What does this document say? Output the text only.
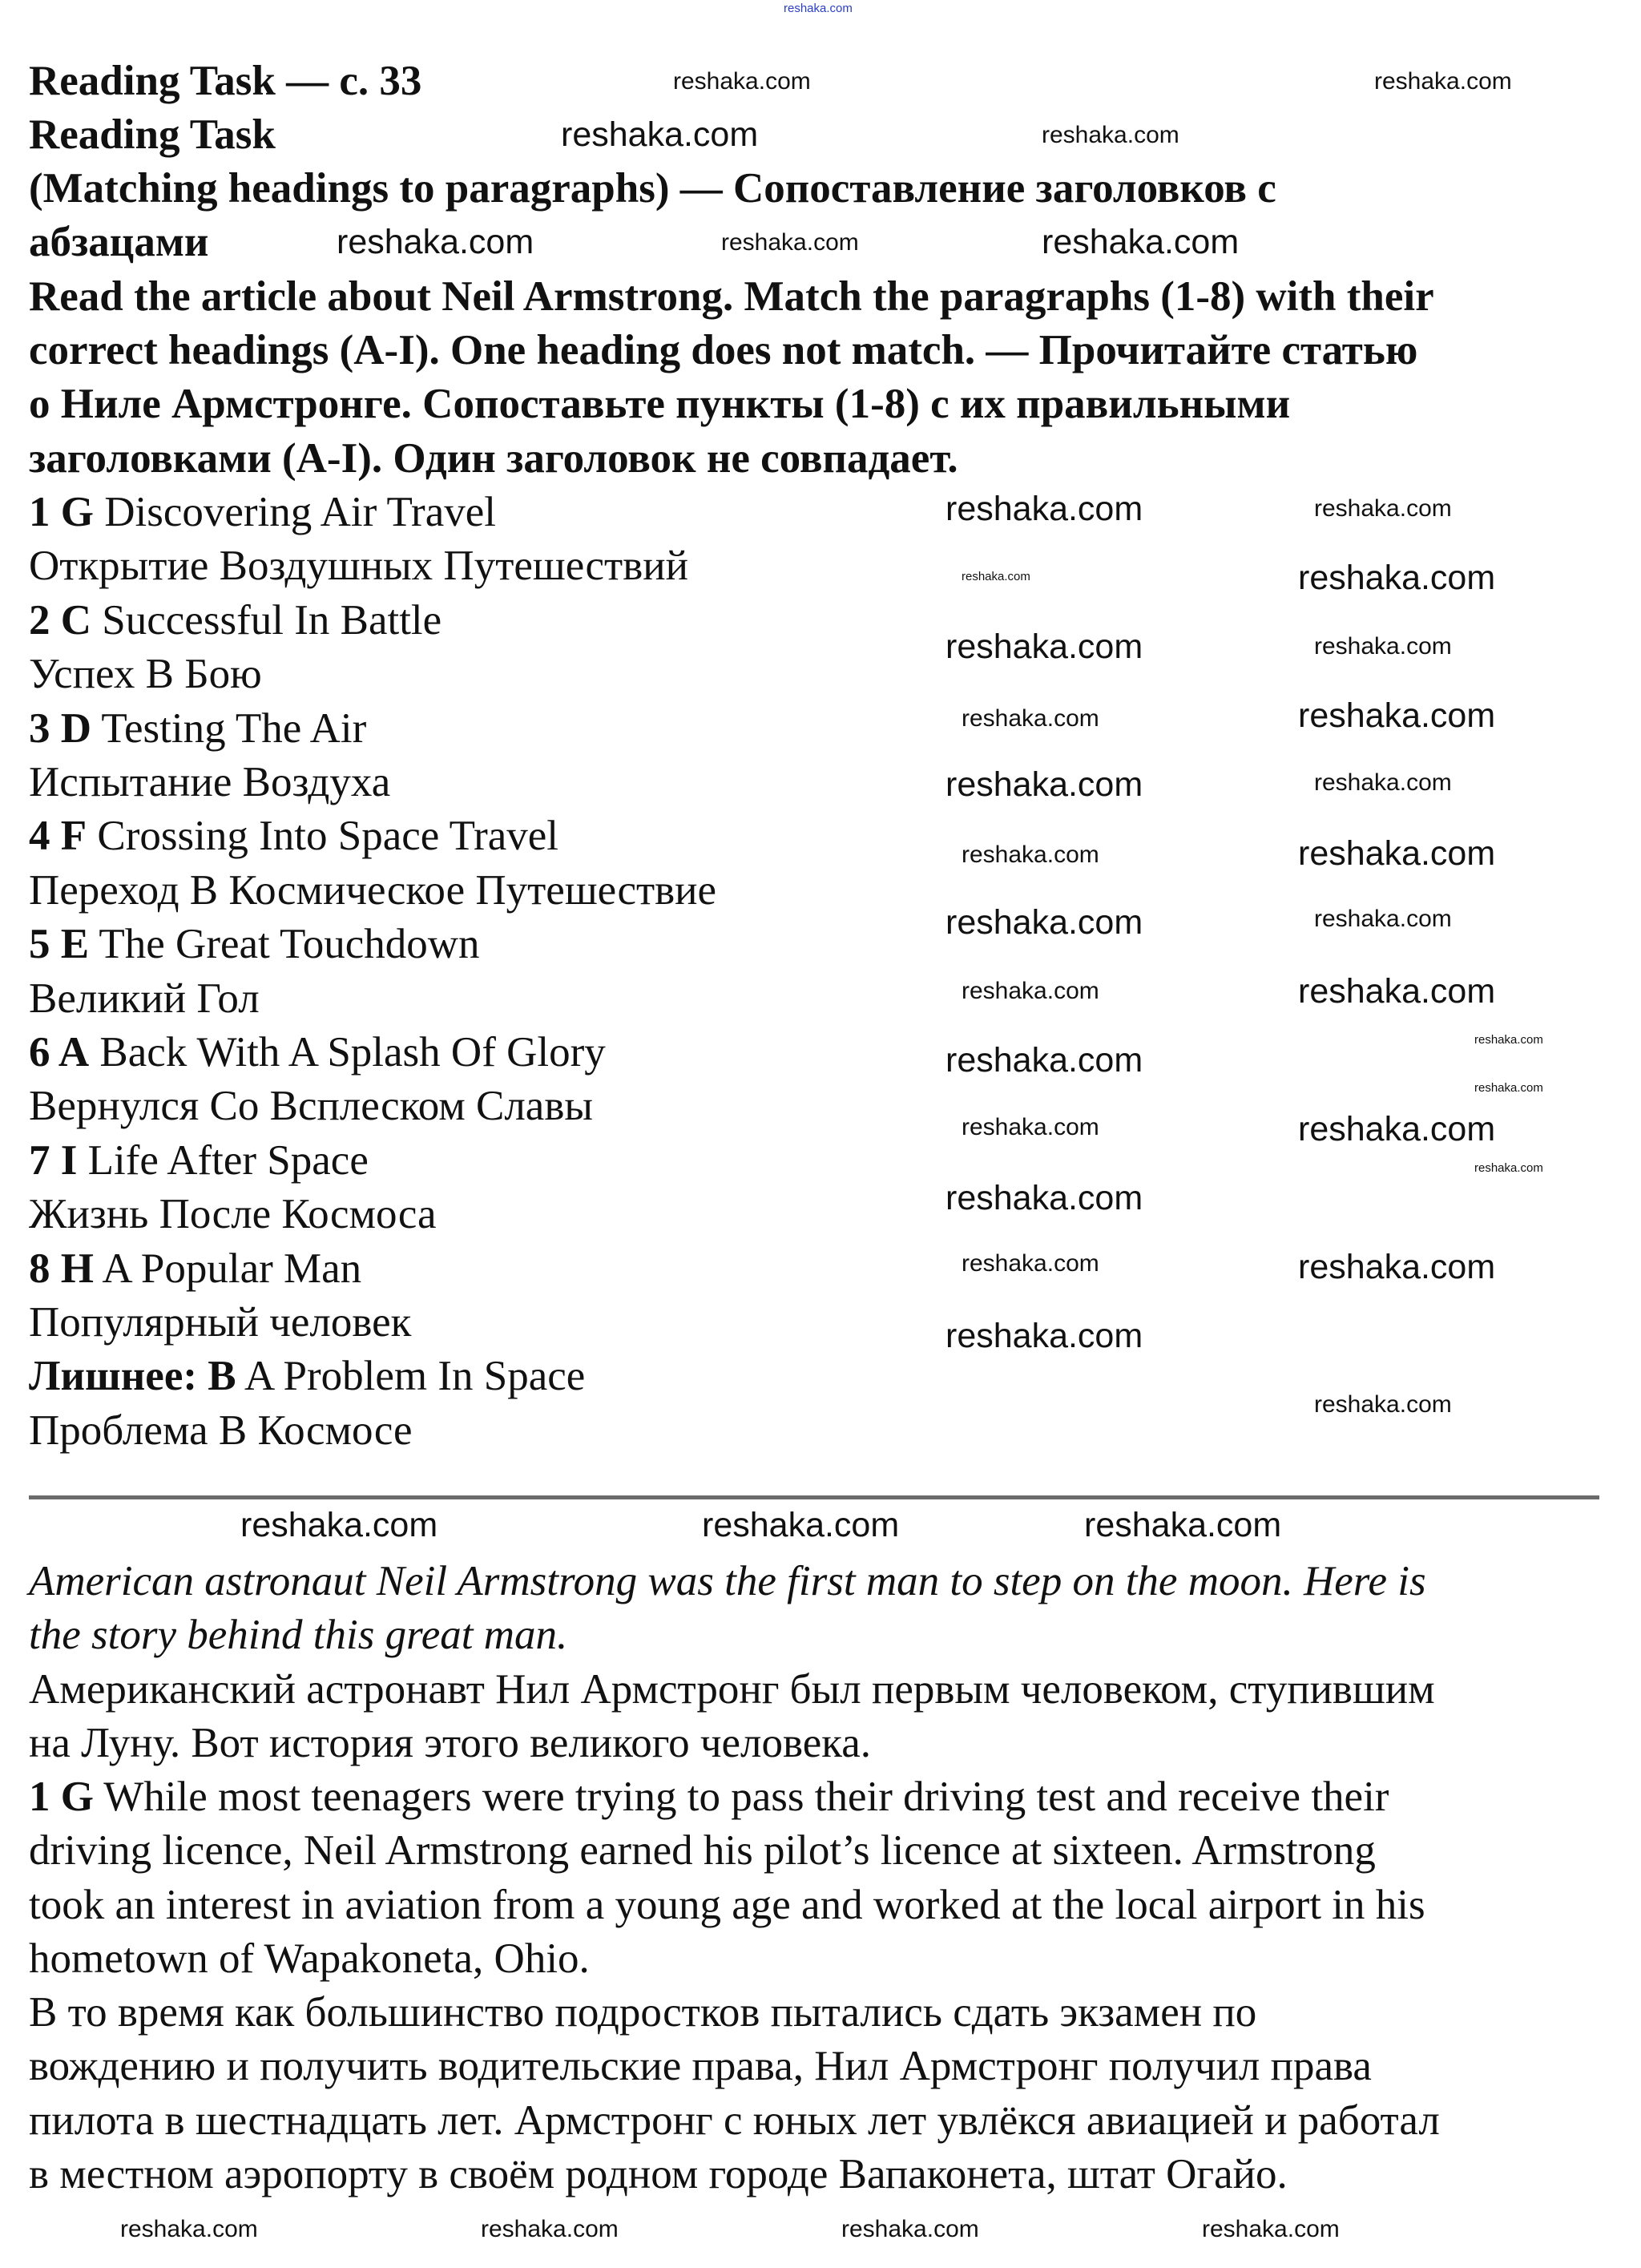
reshaka.com
Reading Task — c. 33
Reading Task
(Matching headings to paragraphs) — Сопоставление заголовков с
абзацами
Read the article about Neil Armstrong. Match the paragraphs (1-8) with their
correct headings (A-I). One heading does not match. — Прочитайте статью
о Ниле Армстронге. Сопоставьте пункты (1-8) с их правильными
заголовками (A-I). Один заголовок не совпадает.
1 G Discovering Air Travel
Открытие Воздушных Путешествий
2 C Successful In Battle
Успех В Бою
3 D Testing The Air
Испытание Воздуха
4 F Crossing Into Space Travel
Переход В Космическое Путешествие
5 E The Great Touchdown
Великий Гол
6 A Back With A Splash Of Glory
Вернулся Со Всплеском Славы
7 I Life After Space
Жизнь После Космоса
8 H A Popular Man
Популярный человек
Лишнее: B A Problem In Space
Проблема В Космосе
American astronaut Neil Armstrong was the first man to step on the moon. Here is
the story behind this great man.
Американский астронавт Нил Армстронг был первым человеком, ступившим
на Луну. Вот история этого великого человека.
1 G While most teenagers were trying to pass their driving test and receive their
driving licence, Neil Armstrong earned his pilot’s licence at sixteen. Armstrong
took an interest in aviation from a young age and worked at the local airport in his
hometown of Wapakoneta, Ohio.
В то время как большинство подростков пытались сдать экзамен по
вождению и получить водительские права, Нил Армстронг получил права
пилота в шестнадцать лет. Армстронг с юных лет увлёкся авиацией и работал
в местном аэропорту в своём родном городе Вапаконета, штат Огайо.
reshaka.com	reshaka.com
reshaka.com	reshaka.com
reshaka.com	reshaka.com	reshaka.com
reshaka.com	reshaka.com
reshaka.com
reshaka.com
reshaka.com
reshaka.com
reshaka.com
reshaka.com
reshaka.com
reshaka.com
reshaka.com
reshaka.com
reshaka.com
reshaka.com
reshaka.com
reshaka.com
reshaka.com
reshaka.com
reshaka.com
reshaka.com
reshaka.com
reshaka.com
reshaka.com
reshaka.com
reshaka.com
reshaka.com
reshaka.com
reshaka.com	reshaka.com	reshaka.com
reshaka.com	reshaka.com	reshaka.com	reshaka.com
